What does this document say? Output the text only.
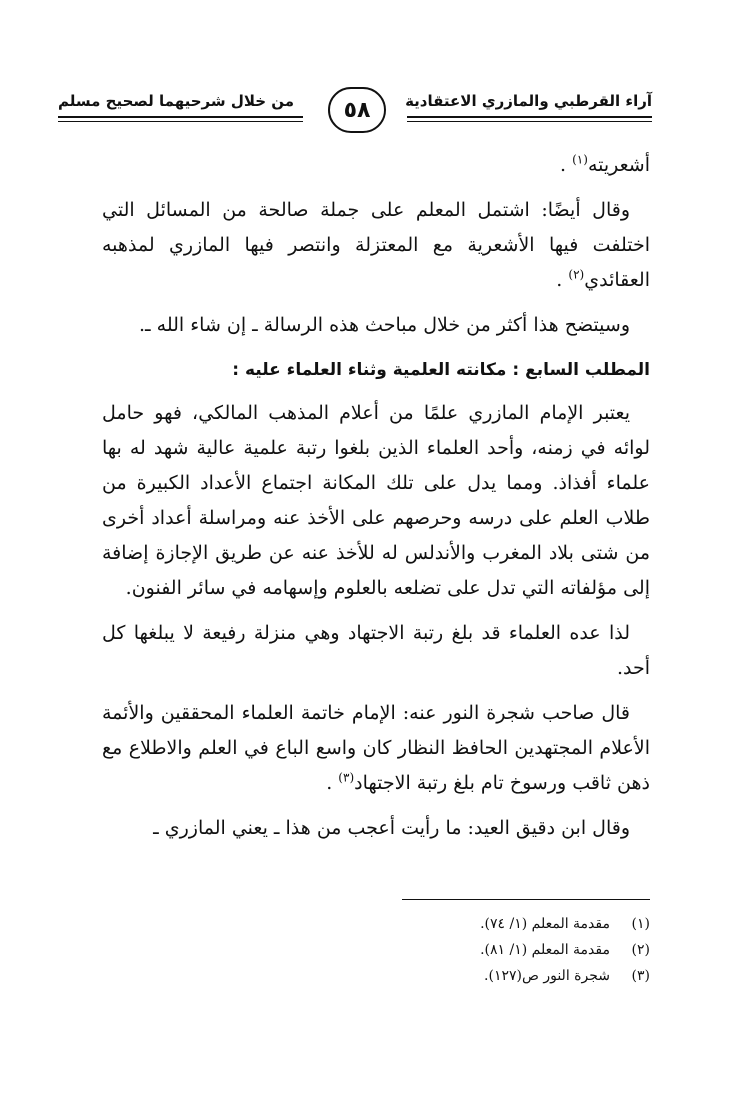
آراء القرطبي والمازري الاعتقادية
من خلال شرحيهما لصحيح مسلم	٥٨

أشعريته$^{(١)}$ .

وقال أيضًا: اشتمل المعلم على جملة صالحة من المسائل التي اختلفت فيها الأشعرية مع المعتزلة وانتصر فيها المازري لمذهبه العقائدي$^{(٢)}$ .

وسيتضح هذا أكثر من خلال مباحث هذه الرسالة ـ إن شاء الله ـ.

المطلب السابع : مكانته العلمية وثناء العلماء عليه :

يعتبر الإمام المازري علمًا من أعلام المذهب المالكي، فهو حامل لوائه في زمنه، وأحد العلماء الذين بلغوا رتبة علمية عالية شهد له بها علماء أفذاذ. ومما يدل على تلك المكانة اجتماع الأعداد الكبيرة من طلاب العلم على درسه وحرصهم على الأخذ عنه ومراسلة أعداد أخرى من شتى بلاد المغرب والأندلس له للأخذ عنه عن طريق الإجازة إضافة إلى مؤلفاته التي تدل على تضلعه بالعلوم وإسهامه في سائر الفنون.

لذا عده العلماء قد بلغ رتبة الاجتهاد وهي منزلة رفيعة لا يبلغها كل أحد.

قال صاحب شجرة النور عنه: الإمام خاتمة العلماء المحققين والأئمة الأعلام المجتهدين الحافظ النظار كان واسع الباع في العلم والاطلاع مع ذهن ثاقب ورسوخ تام بلغ رتبة الاجتهاد$^{(٣)}$ .

وقال ابن دقيق العيد: ما رأيت أعجب من هذا ـ يعني المازري ـ

(١)
مقدمة المعلم (١/ ٧٤).
(٢)
مقدمة المعلم (١/ ٨١).
(٣)
شجرة النور ص(١٢٧).
